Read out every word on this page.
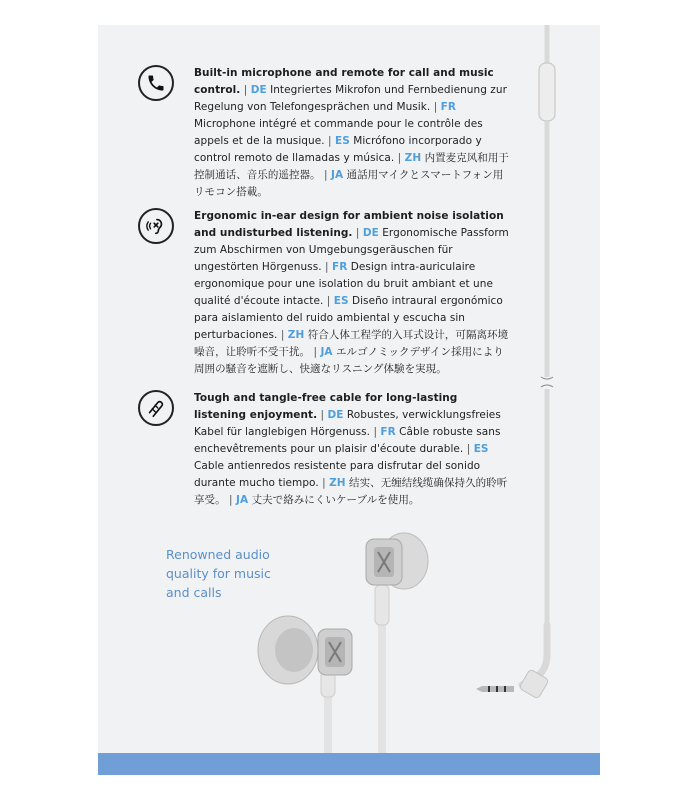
Built-in microphone and remote for call and music control. | DE Integriertes Mikrofon und Fernbedienung zur Regelung von Telefongesprächen und Musik. | FR Microphone intégré et commande pour le contrôle des appels et de la musique. | ES Micrófono incorporado y control remoto de llamadas y música. | ZH 内置麦克风和用于控制通话、音乐的遥控器。 | JA 通話用マイクとスマートフォン用リモコン搭載。
Ergonomic in-ear design for ambient noise isolation and undisturbed listening. | DE Ergonomische Passform zum Abschirmen von Umgebungsgeräuschen für ungestörten Hörgenuss. | FR Design intra-auriculaire ergonomique pour une isolation du bruit ambiant et une qualité d'écoute intacte. | ES Diseño intraural ergonómico para aislamiento del ruido ambiental y escucha sin perturbaciones. | ZH 符合人体工程学的入耳式设计，可隔离环境噪音，让聆听不受干扰。 | JA エルゴノミックデザイン採用により周囲の騒音を遮断し、快適なリスニング体験を実現。
Tough and tangle-free cable for long-lasting listening enjoyment. | DE Robustes, verwicklungsfreies Kabel für langlebigen Hörgenuss. | FR Câble robuste sans enchevêtrements pour un plaisir d'écoute durable. | ES Cable antienredos resistente para disfrutar del sonido durante mucho tiempo. | ZH 结实、无缠结线缆确保持久的聆听享受。 | JA 丈夫で絡みにくいケーブルを使用。
Renowned audio
quality for music
and calls
